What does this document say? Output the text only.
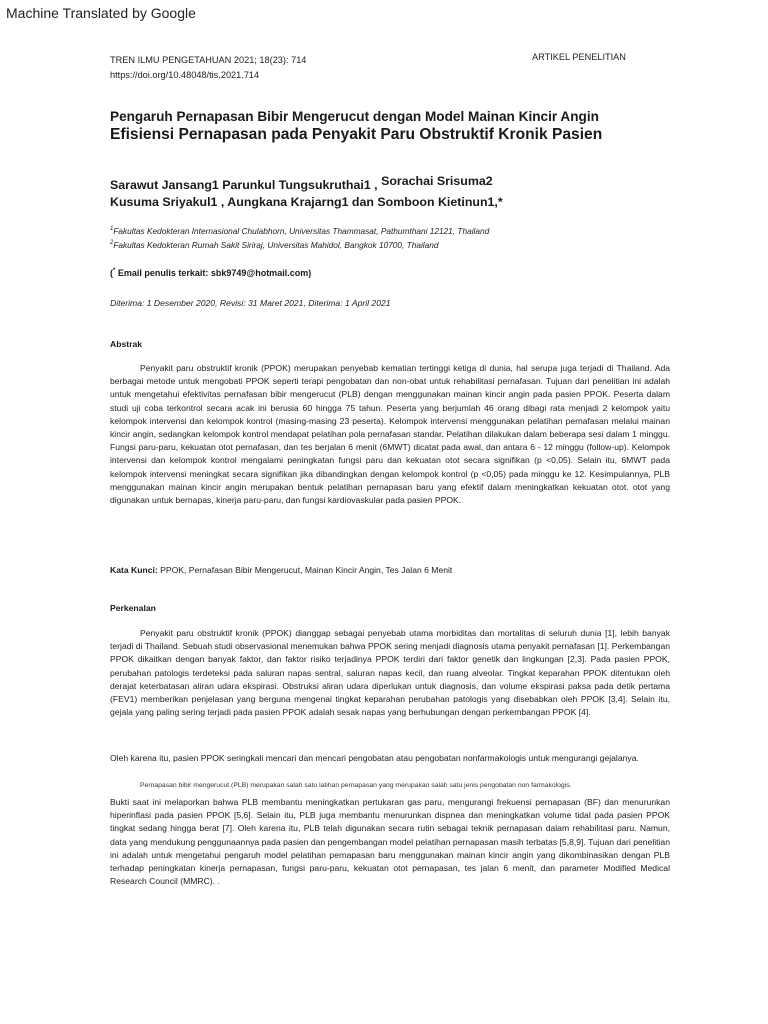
Machine Translated by Google
TREN ILMU PENGETAHUAN 2021; 18(23): 714
https://doi.org/10.48048/tis.2021.714
ARTIKEL PENELITIAN
Pengaruh Pernapasan Bibir Mengerucut dengan Model Mainan Kincir Angin
Efisiensi Pernapasan pada Penyakit Paru Obstruktif Kronik Pasien
Sarawut Jansang1 Parunkul Tungsukruthai1 , Sorachai Srisuma2
Kusuma Sriyakul1 , Aungkana Krajarng1 dan Somboon Kietinun1,*
$^1$Fakultas Kedokteran Internasional Chulabhorn, Universitas Thammasat, Pathumthani 12121, Thailand
$^2$Fakultas Kedokteran Rumah Sakit Siriraj, Universitas Mahidol, Bangkok 10700, Thailand
(* Email penulis terkait: sbk9749@hotmail.com)
Diterima: 1 Desember 2020, Revisi: 31 Maret 2021, Diterima: 1 April 2021
Abstrak
Penyakit paru obstruktif kronik (PPOK) merupakan penyebab kematian tertinggi ketiga di dunia, hal serupa juga terjadi di Thailand. Ada berbagai metode untuk mengobati PPOK seperti terapi pengobatan dan non-obat untuk rehabilitasi pernafasan. Tujuan dari penelitian ini adalah untuk mengetahui efektivitas pernafasan bibir mengerucut (PLB) dengan menggunakan mainan kincir angin pada pasien PPOK. Peserta dalam studi uji coba terkontrol secara acak ini berusia 60 hingga 75 tahun. Peserta yang berjumlah 46 orang dibagi rata menjadi 2 kelompok yaitu kelompok intervensi dan kelompok kontrol (masing-masing 23 peserta). Kelompok intervensi menggunakan pelatihan pernafasan melalui mainan kincir angin, sedangkan kelompok kontrol mendapat pelatihan pola pernafasan standar. Pelatihan dilakukan dalam beberapa sesi dalam 1 minggu. Fungsi paru-paru, kekuatan otot pernafasan, dan tes berjalan 6 menit (6MWT) dicatat pada awal, dan antara 6 - 12 minggu (follow-up). Kelompok intervensi dan kelompok kontrol mengalami peningkatan fungsi paru dan kekuatan otot secara signifikan (p <0,05). Selain itu, 6MWT pada kelompok intervensi meningkat secara signifikan jika dibandingkan dengan kelompok kontrol (p <0,05) pada minggu ke 12. Kesimpulannya, PLB menggunakan mainan kincir angin merupakan bentuk pelatihan pernapasan baru yang efektif dalam meningkatkan kekuatan otot. otot yang digunakan untuk bernapas, kinerja paru-paru, dan fungsi kardiovaskular pada pasien PPOK.
Kata Kunci: PPOK, Pernafasan Bibir Mengerucut, Mainan Kincir Angin, Tes Jalan 6 Menit
Perkenalan
Penyakit paru obstruktif kronik (PPOK) dianggap sebagai penyebab utama morbiditas dan mortalitas di seluruh dunia [1], lebih banyak terjadi di Thailand. Sebuah studi observasional menemukan bahwa PPOK sering menjadi diagnosis utama penyakit pernafasan [1]. Perkembangan PPOK dikaitkan dengan banyak faktor, dan faktor risiko terjadinya PPOK terdiri dari faktor genetik dan lingkungan [2,3]. Pada pasien PPOK, perubahan patologis terdeteksi pada saluran napas sentral, saluran napas kecil, dan ruang alveolar. Tingkat keparahan PPOK ditentukan oleh derajat keterbatasan aliran udara ekspirasi. Obstruksi aliran udara diperlukan untuk diagnosis, dan volume ekspirasi paksa pada detik pertama (FEV1) memberikan penjelasan yang berguna mengenai tingkat keparahan perubahan patologis yang disebabkan oleh PPOK [3,4]. Selain itu, gejala yang paling sering terjadi pada pasien PPOK adalah sesak napas yang berhubungan dengan perkembangan PPOK [4].
Oleh karena itu, pasien PPOK seringkali mencari dan mencari pengobatan atau pengobatan nonfarmakologis untuk mengurangi gejalanya.
Pernapasan bibir mengerucut (PLB) merupakan salah satu latihan pernapasan yang merupakan salah satu jenis pengobatan non farmakologis.
Bukti saat ini melaporkan bahwa PLB membantu meningkatkan pertukaran gas paru, mengurangi frekuensi pernapasan (BF) dan menurunkan hiperinflasi pada pasien PPOK [5,6]. Selain itu, PLB juga membantu menurunkan dispnea dan meningkatkan volume tidal pada pasien PPOK tingkat sedang hingga berat [7]. Oleh karena itu, PLB telah digunakan secara rutin sebagai teknik pernapasan dalam rehabilitasi paru. Namun, data yang mendukung penggunaannya pada pasien dan pengembangan model pelatihan pernapasan masih terbatas [5,8,9]. Tujuan dari penelitian ini adalah untuk mengetahui pengaruh model pelatihan pernapasan baru menggunakan mainan kincir angin yang dikombinasikan dengan PLB terhadap peningkatan kinerja pernapasan, fungsi paru-paru, kekuatan otot pernapasan, tes jalan 6 menit, dan parameter Modified Medical Research Council (MMRC). .
